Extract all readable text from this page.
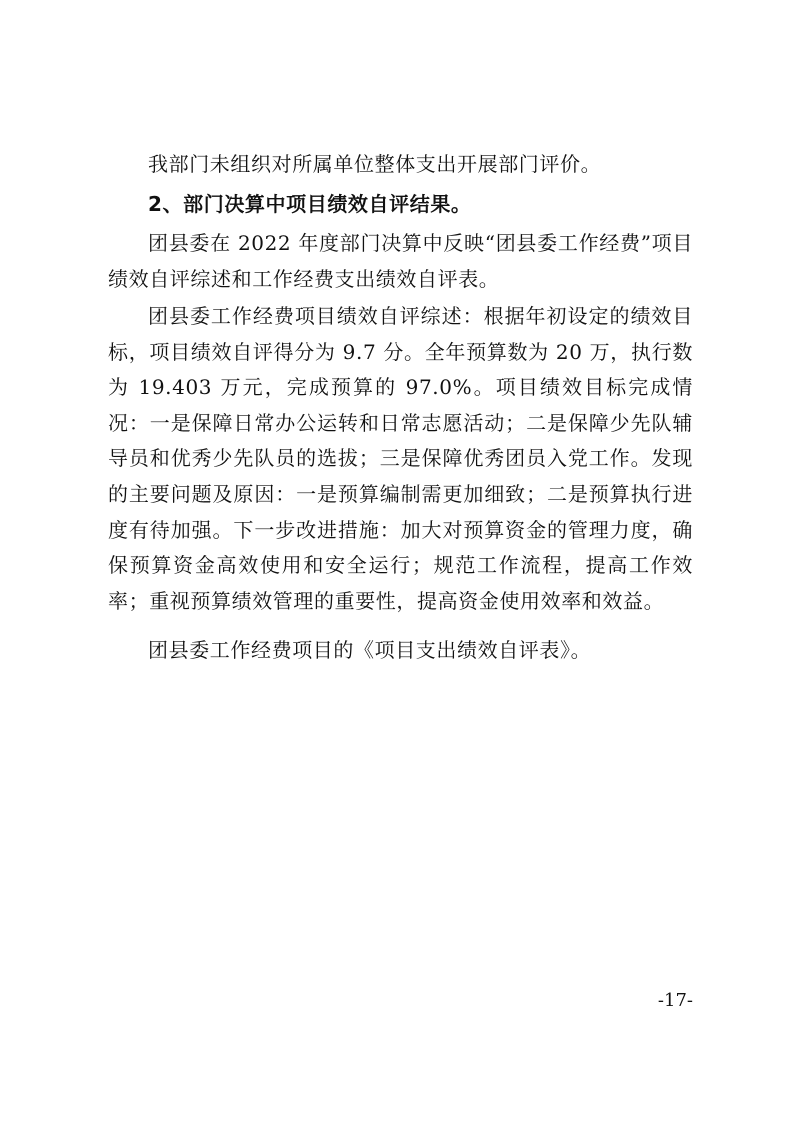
我部门未组织对所属单位整体支出开展部门评价。

2、部门决算中项目绩效自评结果。

团县委在 2022 年度部门决算中反映“团县委工作经费”项目绩效自评综述和工作经费支出绩效自评表。

团县委工作经费项目绩效自评综述：根据年初设定的绩效目标，项目绩效自评得分为 9.7 分。全年预算数为 20 万，执行数为 19.403 万元，完成预算的 97.0%。项目绩效目标完成情况：一是保障日常办公运转和日常志愿活动；二是保障少先队辅导员和优秀少先队员的选拔；三是保障优秀团员入党工作。发现的主要问题及原因：一是预算编制需更加细致；二是预算执行进度有待加强。下一步改进措施：加大对预算资金的管理力度，确保预算资金高效使用和安全运行；规范工作流程，提高工作效率；重视预算绩效管理的重要性，提高资金使用效率和效益。

团县委工作经费项目的《项目支出绩效自评表》。

-17-
